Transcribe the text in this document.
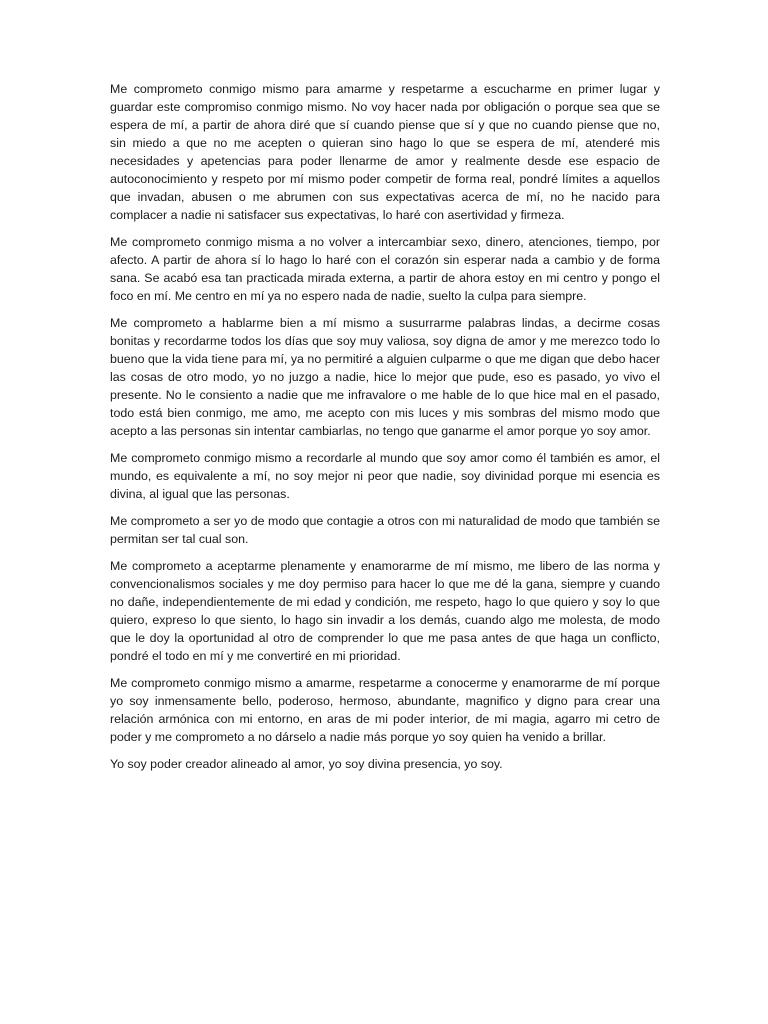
Me comprometo conmigo mismo para amarme y respetarme a escucharme en primer lugar y guardar este compromiso conmigo mismo. No voy hacer nada por obligación o porque sea que se espera de mí, a partir de ahora diré que sí cuando piense que sí y que no cuando piense que no, sin miedo a que no me acepten o quieran sino hago lo que se espera de mí, atenderé mis necesidades y apetencias para poder llenarme de amor y realmente desde ese espacio de autoconocimiento y respeto por mí mismo poder competir de forma real, pondré límites a aquellos que invadan, abusen o me abrumen con sus expectativas acerca de mí, no he nacido para complacer a nadie ni satisfacer sus expectativas, lo haré con asertividad y firmeza.

Me comprometo conmigo misma a no volver a intercambiar sexo, dinero, atenciones, tiempo, por afecto. A partir de ahora sí lo hago lo haré con el corazón sin esperar nada a cambio y de forma sana. Se acabó esa tan practicada mirada externa, a partir de ahora estoy en mi centro y pongo el foco en mí. Me centro en mí ya no espero nada de nadie, suelto la culpa para siempre.

Me comprometo a hablarme bien a mí mismo a susurrarme palabras lindas, a decirme cosas bonitas y recordarme todos los días que soy muy valiosa, soy digna de amor y me merezco todo lo bueno que la vida tiene para mí, ya no permitiré a alguien culparme o que me digan que debo hacer las cosas de otro modo, yo no juzgo a nadie, hice lo mejor que pude, eso es pasado, yo vivo el presente. No le consiento a nadie que me infravalore o me hable de lo que hice mal en el pasado, todo está bien conmigo, me amo, me acepto con mis luces y mis sombras del mismo modo que acepto a las personas sin intentar cambiarlas, no tengo que ganarme el amor porque yo soy amor.

Me comprometo conmigo mismo a recordarle al mundo que soy amor como él también es amor, el mundo, es equivalente a mí, no soy mejor ni peor que nadie, soy divinidad porque mi esencia es divina, al igual que las personas.

Me comprometo a ser yo de modo que contagie a otros con mi naturalidad de modo que también se permitan ser tal cual son.

Me comprometo a aceptarme plenamente y enamorarme de mí mismo, me libero de las norma y convencionalismos sociales y me doy permiso para hacer lo que me dé la gana, siempre y cuando no dañe, independientemente de mi edad y condición, me respeto, hago lo que quiero y soy lo que quiero, expreso lo que siento, lo hago sin invadir a los demás, cuando algo me molesta, de modo que le doy la oportunidad al otro de comprender lo que me pasa antes de que haga un conflicto, pondré el todo en mí y me convertiré en mi prioridad.

Me comprometo conmigo mismo a amarme, respetarme a conocerme y enamorarme de mí porque yo soy inmensamente bello, poderoso, hermoso, abundante, magnifico y digno para crear una relación armónica con mi entorno, en aras de mi poder interior, de mi magia, agarro mi cetro de poder y me comprometo a no dárselo a nadie más porque yo soy quien ha venido a brillar.

Yo soy poder creador alineado al amor, yo soy divina presencia, yo soy.
